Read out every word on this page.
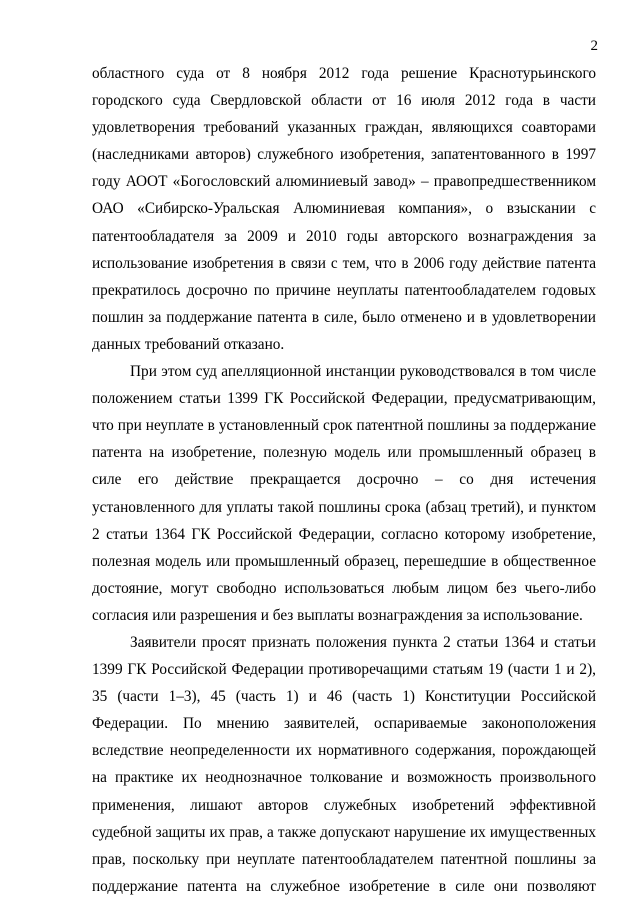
2

областного суда от 8 ноября 2012 года решение Краснотурьинского городского суда Свердловской области от 16 июля 2012 года в части удовлетворения требований указанных граждан, являющихся соавторами (наследниками авторов) служебного изобретения, запатентованного в 1997 году АООТ «Богословский алюминиевый завод» – правопредшественником ОАО «Сибирско-Уральская Алюминиевая компания», о взыскании с патентообладателя за 2009 и 2010 годы авторского вознаграждения за использование изобретения в связи с тем, что в 2006 году действие патента прекратилось досрочно по причине неуплаты патентообладателем годовых пошлин за поддержание патента в силе, было отменено и в удовлетворении данных требований отказано.

При этом суд апелляционной инстанции руководствовался в том числе положением статьи 1399 ГК Российской Федерации, предусматривающим, что при неуплате в установленный срок патентной пошлины за поддержание патента на изобретение, полезную модель или промышленный образец в силе его действие прекращается досрочно – со дня истечения установленного для уплаты такой пошлины срока (абзац третий), и пунктом 2 статьи 1364 ГК Российской Федерации, согласно которому изобретение, полезная модель или промышленный образец, перешедшие в общественное достояние, могут свободно использоваться любым лицом без чьего-либо согласия или разрешения и без выплаты вознаграждения за использование.

Заявители просят признать положения пункта 2 статьи 1364 и статьи 1399 ГК Российской Федерации противоречащими статьям 19 (части 1 и 2), 35 (части 1–3), 45 (часть 1) и 46 (часть 1) Конституции Российской Федерации. По мнению заявителей, оспариваемые законоположения вследствие неопределенности их нормативного содержания, порождающей на практике их неоднозначное толкование и возможность произвольного применения, лишают авторов служебных изобретений эффективной судебной защиты их прав, а также допускают нарушение их имущественных прав, поскольку при неуплате патентообладателем патентной пошлины за поддержание патента на служебное изобретение в силе они позволяют
